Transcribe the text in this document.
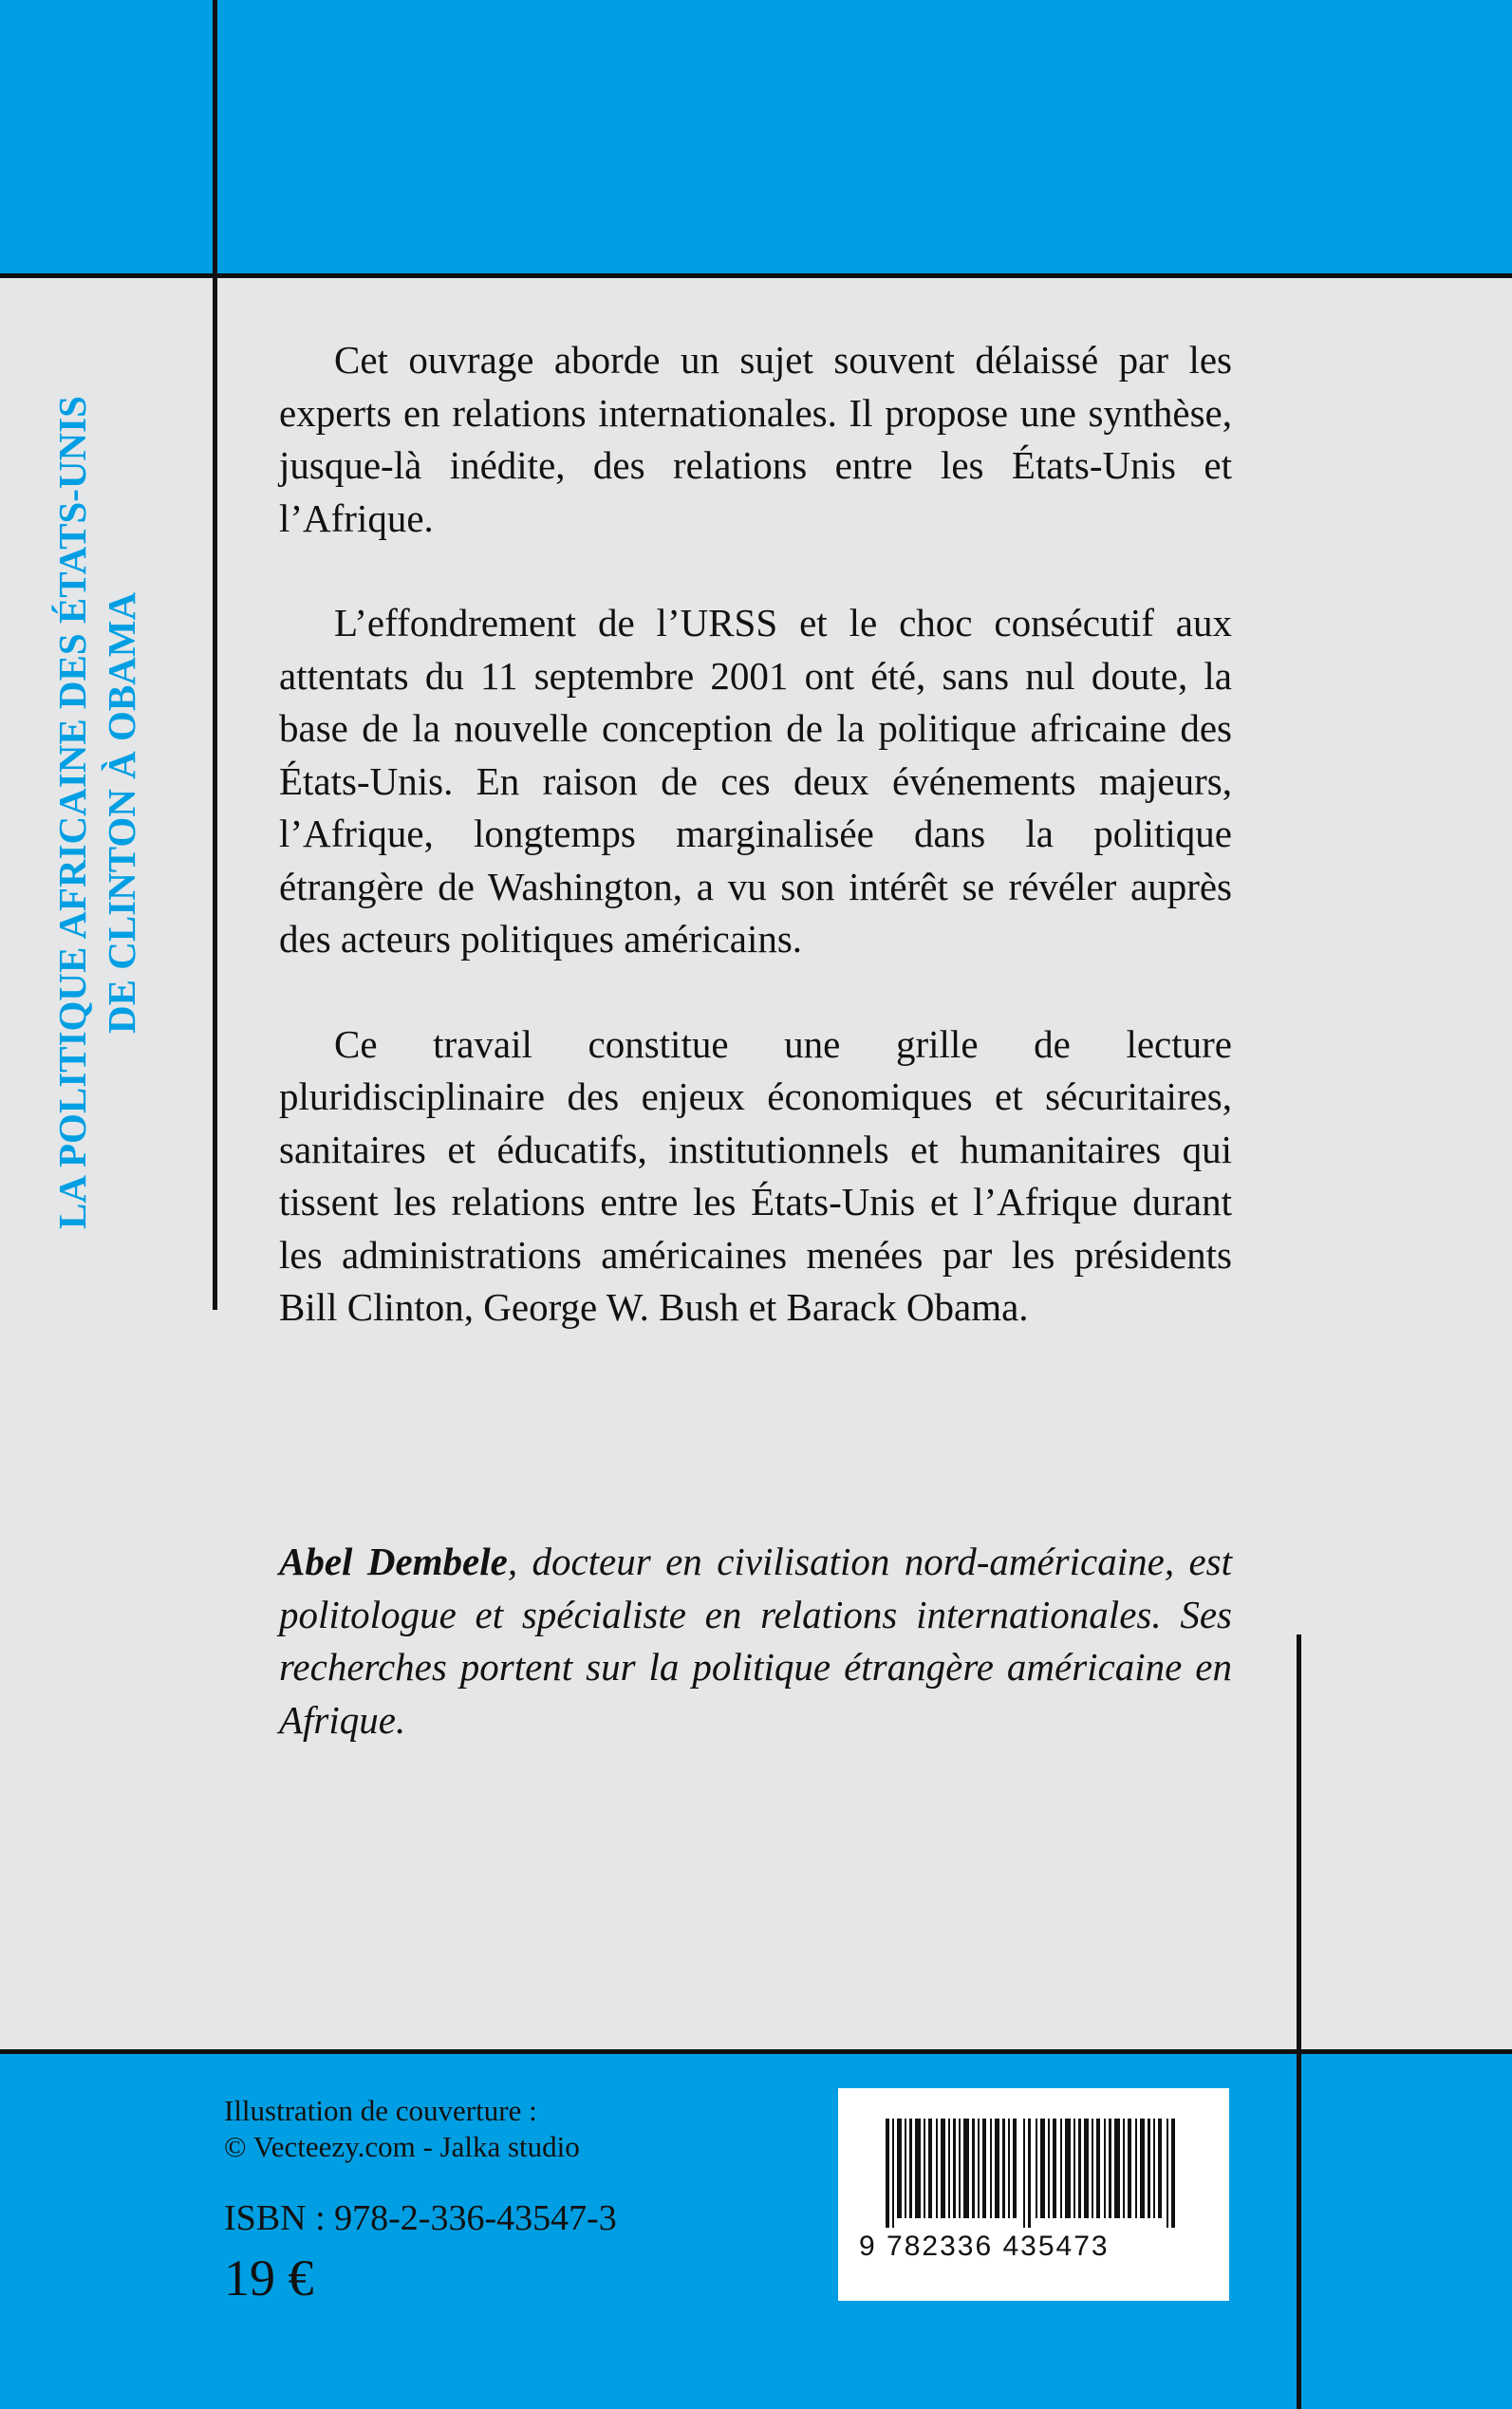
LA POLITIQUE AFRICAINE DES ÉTATS-UNIS DE CLINTON À OBAMA

Cet ouvrage aborde un sujet souvent délaissé par les experts en relations internationales. Il propose une synthèse, jusque-là inédite, des relations entre les États-Unis et l’Afrique.

L’effondrement de l’URSS et le choc consécutif aux attentats du 11 septembre 2001 ont été, sans nul doute, la base de la nouvelle conception de la politique africaine des États-Unis. En raison de ces deux événements majeurs, l’Afrique, longtemps marginalisée dans la politique étrangère de Washington, a vu son intérêt se révéler auprès des acteurs politiques américains.

Ce travail constitue une grille de lecture pluridisciplinaire des enjeux économiques et sécuritaires, sanitaires et éducatifs, institutionnels et humanitaires qui tissent les relations entre les États-Unis et l’Afrique durant les administrations américaines menées par les présidents Bill Clinton, George W. Bush et Barack Obama.

Abel Dembele, docteur en civilisation nord-américaine, est politologue et spécialiste en relations internationales. Ses recherches portent sur la politique étrangère américaine en Afrique.
Illustration de couverture :
© Vecteezy.com - Jalka studio
ISBN : 978-2-336-43547-3
19 €
9 782336 435473
